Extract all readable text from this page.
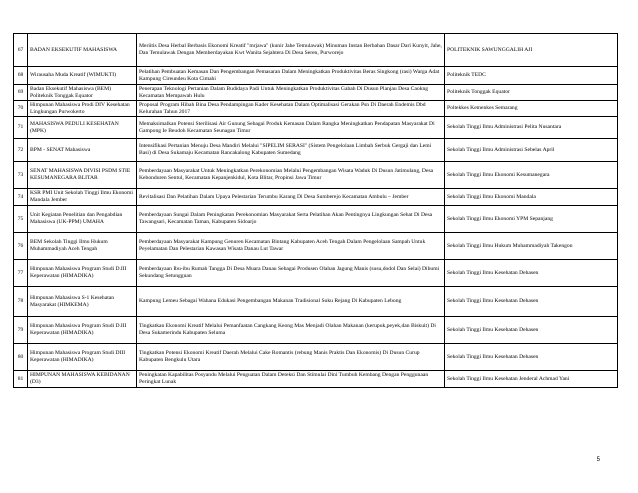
67	BADAN EKSEKUTIF MAHASISWA	Meriitis Desa Herbal Berbasis Ekonomi Kreatif "mrjawa" (kunir Jahe Temulawak) Minuman Instan Berbahan Dasar Dari Kunyit, Jahe, Dan Temulawak Dengan Memberdayakan Kwt Wanita Sejahtera Di Desa Seren, Purworejo	POLITEKNIK SAWUNGGALIH AJI
68	Wirausaha Muda Kreatif (WIMUKTI)	Pelatihan Pembuatan Kemasan Dan Pengembangan Pemasaran Dalam Meningkatkan Produktivitas Beras Singkong (rasi) Warga Adat Kampung Cireundeu Kota Cimahi	Politeknik TEDC
69	Badan Eksekutif Mahasiswa (BEM) Politeknik Tonggak Equator	Penerapan Teknologi Pertanian Dalam Budidaya Padi Untuk Meningkatkan Produktivitas Gabah Di Dusun Planjau Desa Caokng Kecamatan Mempawah Hulu	Politeknik Tonggak Equator
70	Himpunan Mahasiswa Prodi DIV Kesehatan Lingkungan Purwokerto	Proposal Program Hibah Bina Desa Pendampingan Kader Kesehatan Dalam Optimalisasi Gerakan Psn Di Daerah Endemis Dbd Kelurahan Tahun 2017	Poltekkes Kemenkes Semarang
71	MAHASISWA PEDULI KESEHATAN (MPK)	Memaksimalkan Potensi Sterilisasi Air Gunung Sebagai Produk Kemasan Dalam Rangka Meningkatkan Pendapatan Masyarakat Di Gampong Ie Beudoh Kecamatan Seunagan Timur	Sekolah Tinggi Ilmu Administrasi Pelita Nusantara
72	BPM - SENAT Mahasiswa	Intensifikasi Pertanian Menuju Desa Mandiri Melalui "SIPELIM SERASI" (Sistem Pengelolaan Limbah Serbuk Gergaji dan Lemi Basi) di Desa Sukamaju Kecamatan Rancakalong Kabupaten Sumedang	Sekolah Tinggi Ilmu Administrasi Sebelas April
73	SENAT MAHASISWA DIVISI PSDM STIE KESUMANEGARA BLITAR	Pemberdayaan Masyarakat Untuk Meningkatkan Perekonomian Melalui Pengembangan Wisata Waduk Di Dusun Jatimulang, Desa Kebonduren Sentul, Kecamatan Kepanjenkidul, Kota Blitar, Propinsi Jawa Timur	Sekolah Tinggi Ilmu Ekonomi Kesumanegara
74	KSR PMI Unit Sekolah Tinggi Ilmu Ekonomi Mandala Jember	Revitalisasi Dan Pelatihan Dalam Upaya Pelestarian Terumbu Karang Di Desa Sumberejo Kecamatan Ambulu – Jember	Sekolah Tinggi Ilmu Ekonomi Mandala
75	Unit Kegiatan Penelitian dan Pengabdian Mahasiswa (UK-PPM) UMAHA	Pemberdayaan Sungai Dalam Peningkatan Perekonomian Masyarakat Serta Pelatihan Akan Pentingnya Lingkungan Sehat Di Desa Tawangsari, Kecamatan Taman, Kabupaten Sidoarjo	Sekolah Tinggi Ilmu Ekonomi YPM Sepanjang
76	BEM Sekolah Tinggi Ilmu Hukum Muhammadiyah Aceh Tengah	Pemberdayaan Masyarakat Kampung Genuren Kecamatan Bintang Kabupaten Aceh Tengah Dalam Pengelolaan Sampah Untuk Peyelamatan Dan Pelestarian Kawasan Wisata Danau Lut Tawar	Sekolah Tinggi Ilmu Hukum Muhammadiyah Takengon
77	Himpunan Mahasiswa Program Studi D.III Keperawatan (HIMADIKA)	Pemberdayaan Ibu-ibu Rumah Tangga Di Desa Muara Danau Sebagai Produsen Olahan Jagung Manis (susu,dodol Dan Selai) Dibumi Sekundang Setungguan	Sekolah Tinggi Ilmu Kesehatan Dehasen
78	Himpunan Mahasiswa S-1 Kesehatan Masyarakat (HIMKEMA)	Kampung Lemeu Sebagai Wahana Edukasi Pengembangan Makanan Tradisional Suku Rejang Di Kabupaten Lebong	Sekolah Tinggi Ilmu Kesehatan Dehasen
79	Himpunan Mahasiswa Program Studi D.III Keperawatan (HIMADIKA)	Tingkatkan Ekonomi Kreatif Melalui Pemanfaatan Cangkang Keong Mas Menjadi Olahan Makanan (kerupuk,peyek,dan Biskuit) Di Desa Sukamerindu Kabupaten Seluma	Sekolah Tinggi Ilmu Kesehatan Dehasen
80	Himpunan Mahasiswa Program Studi DIII Keperawatan (HIMADIKA)	Tingkatkan Potensi Ekonomi Kreatif Daerah Melalui Cake Romantis (rebung Manis Praktis Dan Ekonomis) Di Dusun Curup Kabupaten Bengkulu Utara	Sekolah Tinggi Ilmu Kesehatan Dehasen
81	HIMPUNAN MAHASISWA KEBIDANAN (D3)	Peningkatan Kapabilitas Posyandu Melalui Penguatan Dalam Deteksi Dan Stimulai Dini Tumbuh Kembang Dengan Penggunaan Peringkat Lunak	Sekolah Tinggi Ilmu Kesehatan Jenderal Achmad Yani
5
